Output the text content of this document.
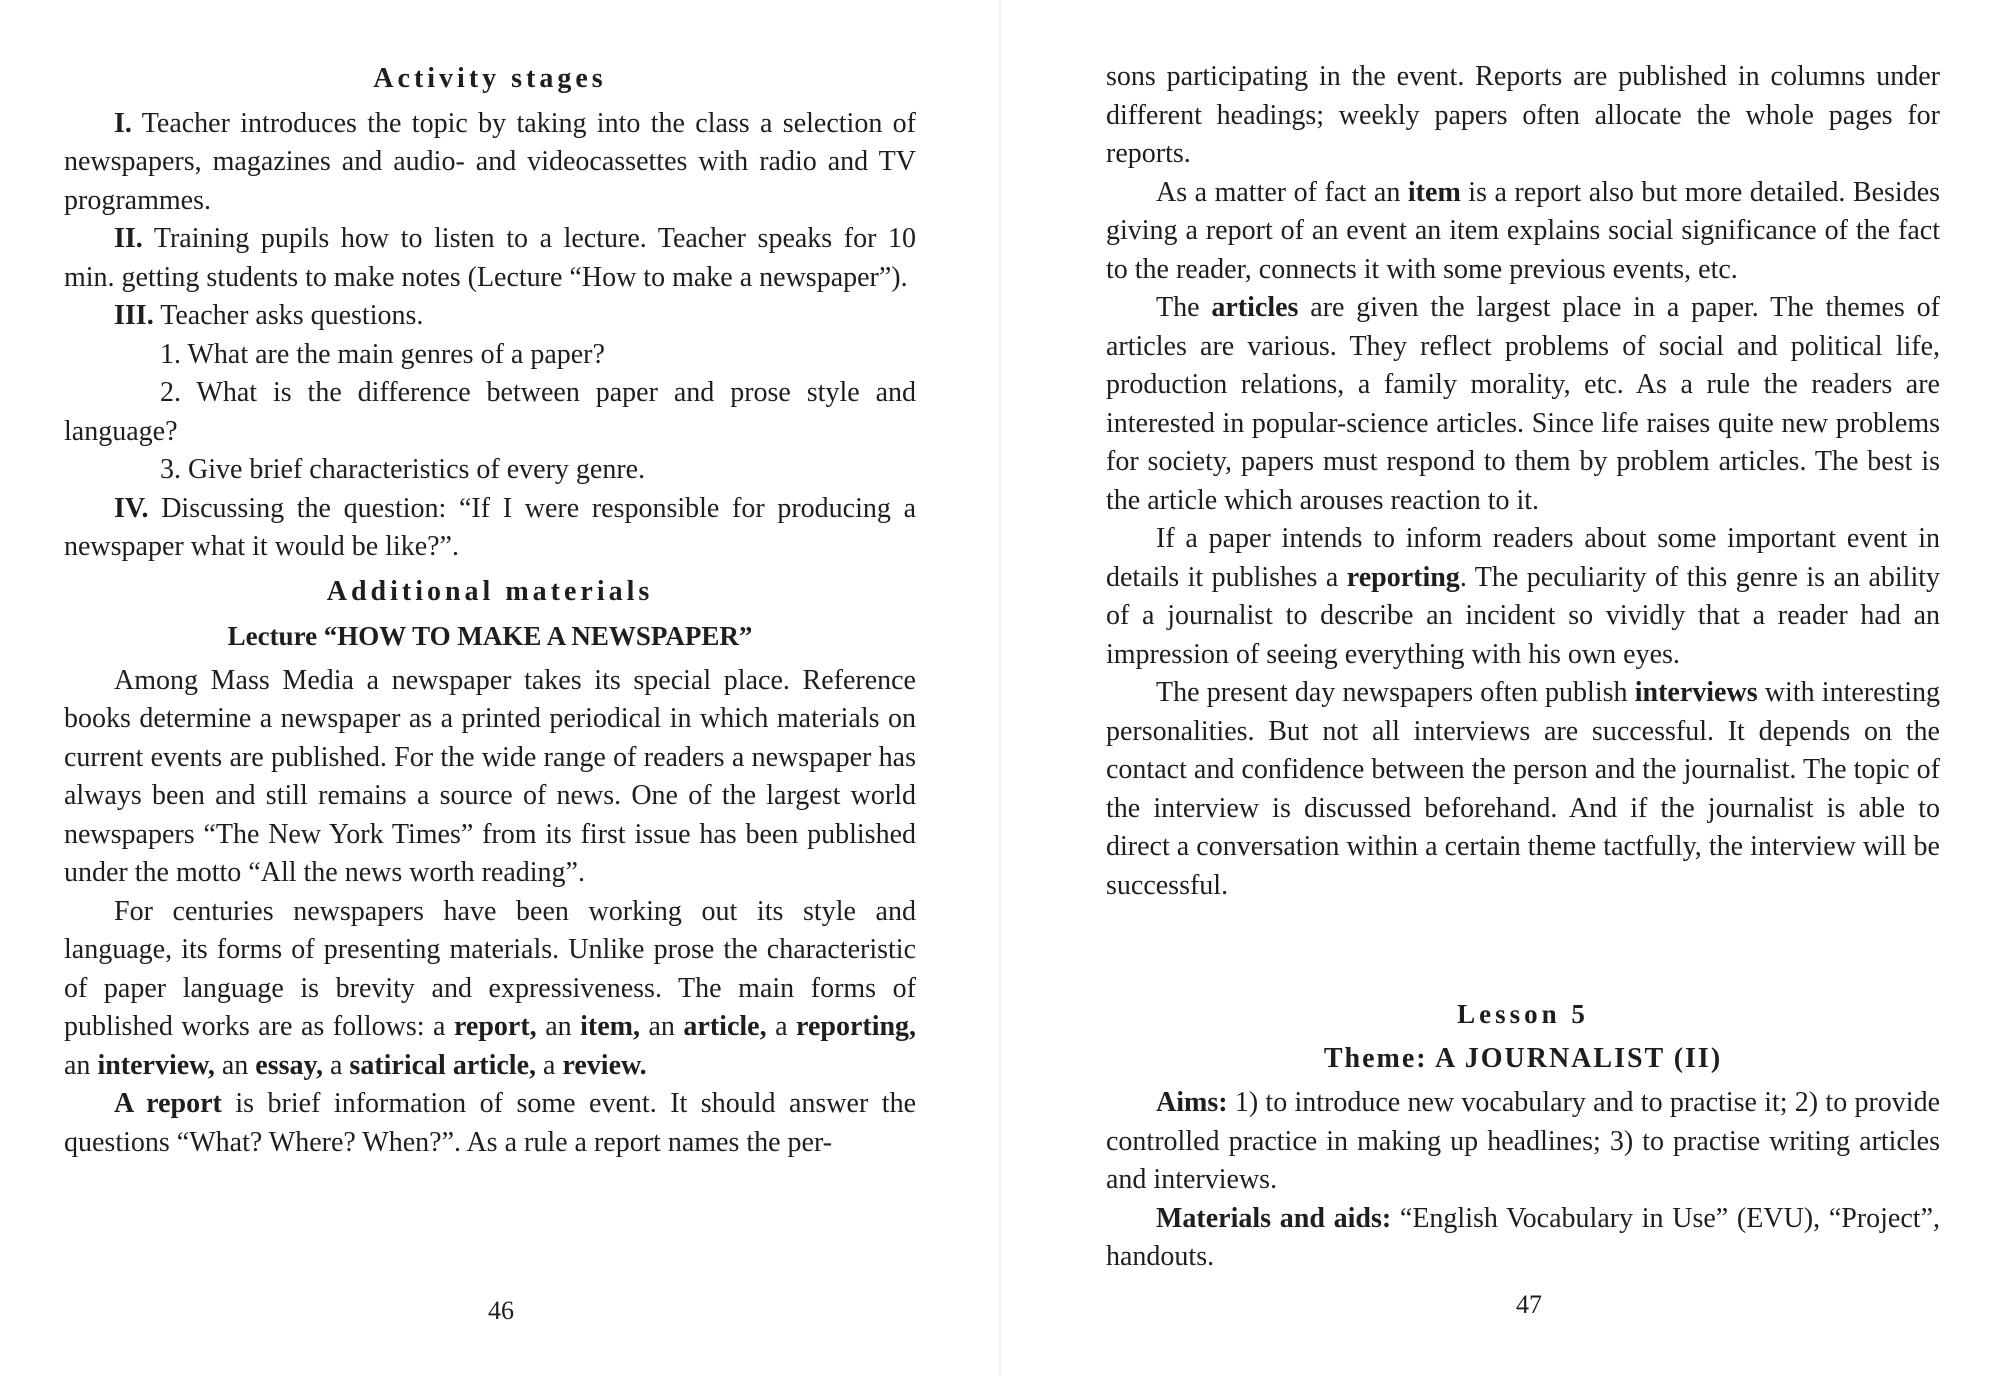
Activity stages

I. Teacher introduces the topic by taking into the class a selection of newspapers, magazines and audio- and videocassettes with radio and TV programmes.

II. Training pupils how to listen to a lecture. Teacher speaks for 10 min. getting students to make notes (Lecture “How to make a newspaper”).

III. Teacher asks questions.

1. What are the main genres of a paper?

2. What is the difference between paper and prose style and language?

3. Give brief characteristics of every genre.

IV. Discussing the question: “If I were responsible for producing a newspaper what it would be like?”.

Additional materials
Lecture “HOW TO MAKE A NEWSPAPER”

Among Mass Media a newspaper takes its special place. Reference books determine a newspaper as a printed periodical in which materials on current events are published. For the wide range of readers a newspaper has always been and still remains a source of news. One of the largest world newspapers “The New York Times” from its first issue has been published under the motto “All the news worth reading”.

For centuries newspapers have been working out its style and language, its forms of presenting materials. Unlike prose the characteristic of paper language is brevity and expressiveness. The main forms of published works are as follows: a report, an item, an article, a reporting, an interview, an essay, a satirical article, a review.

A report is brief information of some event. It should answer the questions “What? Where? When?”. As a rule a report names the per-

46

sons participating in the event. Reports are published in columns under different headings; weekly papers often allocate the whole pages for reports.

As a matter of fact an item is a report also but more detailed. Besides giving a report of an event an item explains social significance of the fact to the reader, connects it with some previous events, etc.

The articles are given the largest place in a paper. The themes of articles are various. They reflect problems of social and political life, production relations, a family morality, etc. As a rule the readers are interested in popular-science articles. Since life raises quite new problems for society, papers must respond to them by problem articles. The best is the article which arouses reaction to it.

If a paper intends to inform readers about some important event in details it publishes a reporting. The peculiarity of this genre is an ability of a journalist to describe an incident so vividly that a reader had an impression of seeing everything with his own eyes.

The present day newspapers often publish interviews with interesting personalities. But not all interviews are successful. It depends on the contact and confidence between the person and the journalist. The topic of the interview is discussed beforehand. And if the journalist is able to direct a conversation within a certain theme tactfully, the interview will be successful.

Lesson 5
Theme: A JOURNALIST (II)

Aims: 1) to introduce new vocabulary and to practise it; 2) to provide controlled practice in making up headlines; 3) to practise writing articles and interviews.

Materials and aids: “English Vocabulary in Use” (EVU), “Project”, handouts.

47
